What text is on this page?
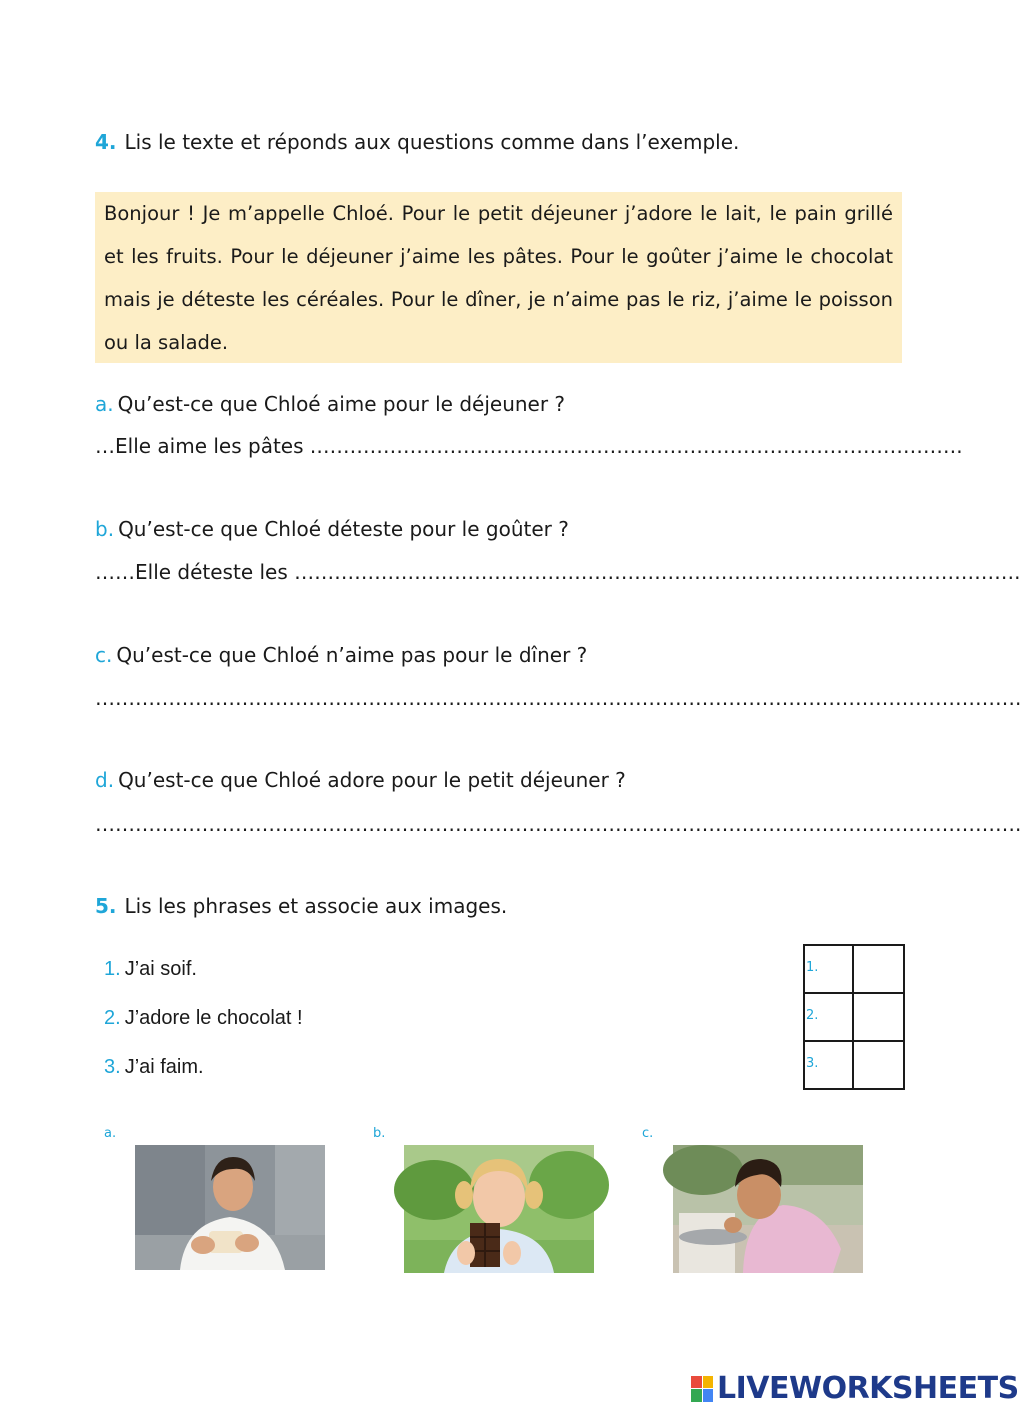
4. Lis le texte et réponds aux questions comme dans l’exemple.

Bonjour ! Je m’appelle Chloé. Pour le petit déjeuner j’adore le lait, le pain grillé et les fruits. Pour le déjeuner j’aime les pâtes. Pour le goûter j’aime le chocolat mais je déteste les céréales. Pour le dîner, je n’aime pas le riz, j’aime le poisson ou la salade.

a. Qu’est-ce que Chloé aime pour le déjeuner ?
…Elle aime les pâtes .…………………………………………………………………………………….
b. Qu’est-ce que Chloé déteste pour le goûter ?
……Elle déteste les ……………………………………………………………………………………………….
c. Qu’est-ce que Chloé n’aime pas pour le dîner ?
………………………………………………………………………………………………………………………….
d. Qu’est-ce que Chloé adore pour le petit déjeuner ?
………………………………………………………………………………………………………………………….
5. Lis les phrases et associe aux images.
1. J’ai soif.
2. J’adore le chocolat !
3. J’ai faim.
1.	
2.	
3.	
a.	b.	c.
LIVEWORKSHEETS
